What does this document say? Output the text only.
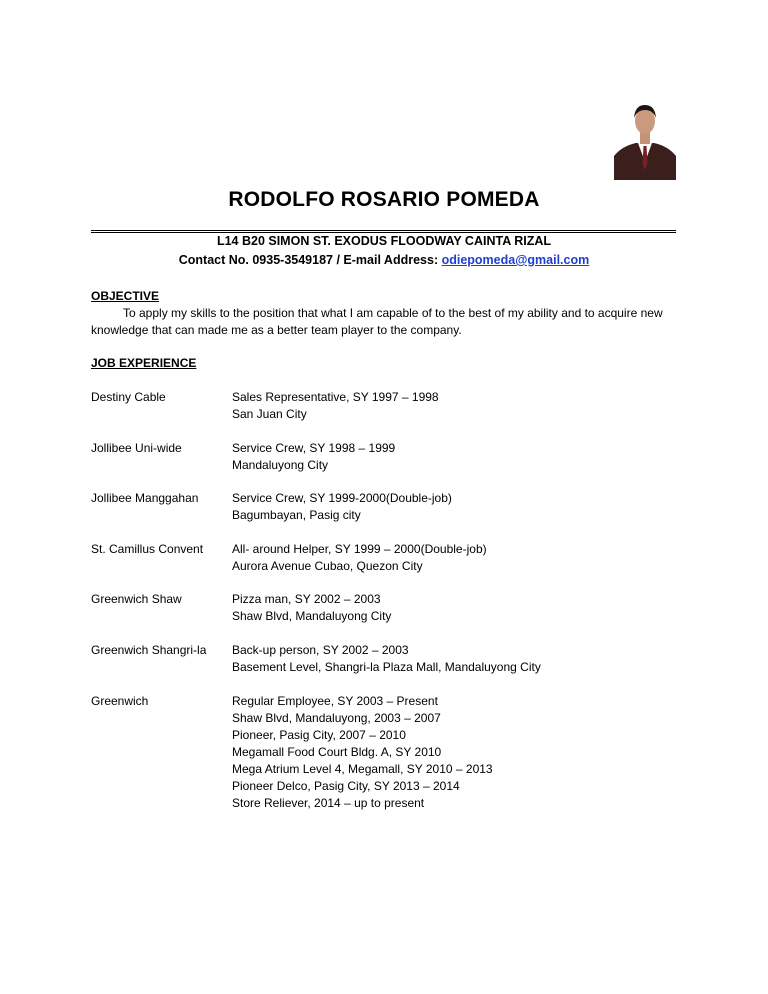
RODOLFO ROSARIO POMEDA
L14 B20 SIMON ST. EXODUS FLOODWAY CAINTA RIZAL
Contact No. 0935-3549187 / E-mail Address: odiepomeda@gmail.com
OBJECTIVE
To apply my skills to the position that what I am capable of to the best of my ability and to acquire new knowledge that can made me as a better team player to the company.
JOB EXPERIENCE
Destiny Cable	Sales Representative, SY 1997 – 1998
San Juan City
Jollibee Uni-wide	Service Crew, SY 1998 – 1999
Mandaluyong City
Jollibee Manggahan	Service Crew, SY 1999-2000(Double-job)
Bagumbayan, Pasig city
St. Camillus Convent	All- around Helper, SY 1999 – 2000(Double-job)
Aurora Avenue Cubao, Quezon City
Greenwich Shaw	Pizza man, SY 2002 – 2003
Shaw Blvd, Mandaluyong City
Greenwich Shangri-la	Back-up person, SY 2002 – 2003
Basement Level, Shangri-la Plaza Mall, Mandaluyong City
Greenwich	Regular Employee, SY 2003 – Present
Shaw Blvd, Mandaluyong, 2003 – 2007
Pioneer, Pasig City, 2007 – 2010
Megamall Food Court Bldg. A, SY 2010
Mega Atrium Level 4, Megamall, SY 2010 – 2013
Pioneer Delco, Pasig City, SY 2013 – 2014
Store Reliever, 2014 – up to present
